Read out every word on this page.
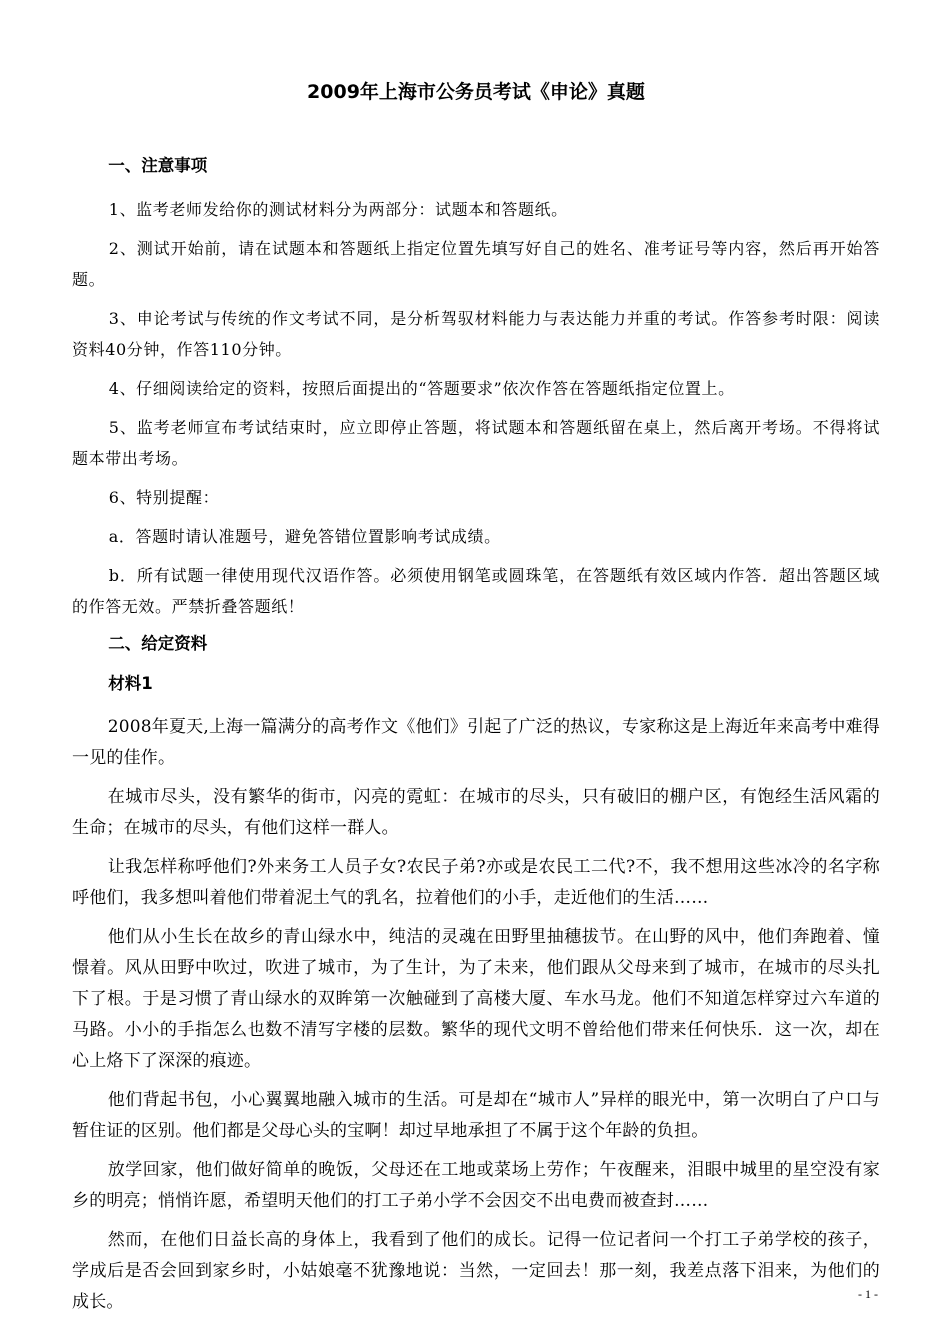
2009年上海市公务员考试《申论》真题
一、注意事项
1、监考老师发给你的测试材料分为两部分：试题本和答题纸。
2、测试开始前，请在试题本和答题纸上指定位置先填写好自己的姓名、准考证号等内容，然后再开始答题。
3、申论考试与传统的作文考试不同，是分析驾驭材料能力与表达能力并重的考试。作答参考时限：阅读资料40分钟，作答110分钟。
4、仔细阅读给定的资料，按照后面提出的“答题要求”依次作答在答题纸指定位置上。
5、监考老师宣布考试结束时，应立即停止答题，将试题本和答题纸留在桌上，然后离开考场。不得将试题本带出考场。
6、特别提醒：
a．答题时请认准题号，避免答错位置影响考试成绩。
b．所有试题一律使用现代汉语作答。必须使用钢笔或圆珠笔，在答题纸有效区域内作答．超出答题区域的作答无效。严禁折叠答题纸！
二、给定资料
材料1
2008年夏天,上海一篇满分的高考作文《他们》引起了广泛的热议，专家称这是上海近年来高考中难得一见的佳作。
在城市尽头，没有繁华的街市，闪亮的霓虹：在城市的尽头，只有破旧的棚户区，有饱经生活风霜的生命；在城市的尽头，有他们这样一群人。
让我怎样称呼他们?外来务工人员子女?农民子弟?亦或是农民工二代?不，我不想用这些冰冷的名字称呼他们，我多想叫着他们带着泥土气的乳名，拉着他们的小手，走近他们的生活……
他们从小生长在故乡的青山绿水中，纯洁的灵魂在田野里抽穗拔节。在山野的风中，他们奔跑着、憧憬着。风从田野中吹过，吹进了城市，为了生计，为了未来，他们跟从父母来到了城市，在城市的尽头扎下了根。于是习惯了青山绿水的双眸第一次触碰到了高楼大厦、车水马龙。他们不知道怎样穿过六车道的马路。小小的手指怎么也数不清写字楼的层数。繁华的现代文明不曾给他们带来任何快乐．这一次，却在心上烙下了深深的痕迹。
他们背起书包，小心翼翼地融入城市的生活。可是却在“城市人”异样的眼光中，第一次明白了户口与暂住证的区别。他们都是父母心头的宝啊！却过早地承担了不属于这个年龄的负担。
放学回家，他们做好简单的晚饭，父母还在工地或菜场上劳作；午夜醒来，泪眼中城里的星空没有家乡的明亮；悄悄许愿，希望明天他们的打工子弟小学不会因交不出电费而被查封……
然而，在他们日益长高的身体上，我看到了他们的成长。记得一位记者问一个打工子弟学校的孩子，学成后是否会回到家乡时，小姑娘毫不犹豫地说：当然，一定回去！那一刻，我差点落下泪来，为他们的成长。	- 1 -
